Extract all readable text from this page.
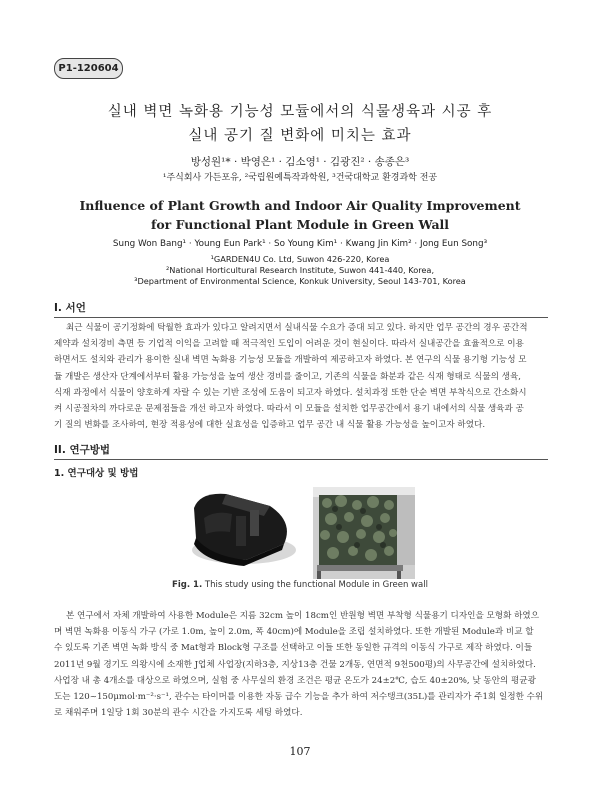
P1-120604
실내 벽면 녹화용 기능성 모듈에서의 식물생육과 시공 후
실내 공기 질 변화에 미치는 효과
방성원¹* · 박영은¹ · 김소영¹ · 김광진² · 송종은³
¹주식회사 가든포유, ²국립원예특작과학원, ³건국대학교 환경과학 전공
Influence of Plant Growth and Indoor Air Quality Improvement
for Functional Plant Module in Green Wall
Sung Won Bang¹ · Young Eun Park¹ · So Young Kim¹ · Kwang Jin Kim² · Jong Eun Song³
¹GARDEN4U Co. Ltd, Suwon 426-220, Korea
²National Horticultural Research Institute, Suwon 441-440, Korea,
³Department of Environmental Science, Konkuk University, Seoul 143-701, Korea
I. 서언
최근 식물이 공기정화에 탁월한 효과가 있다고 알려지면서 실내식물 수요가 증대 되고 있다. 하지만 업무 공간의 경우 공간적
제약과 설치경비 측면 등 기업적 이익을 고려할 때 적극적인 도입이 어려운 것이 현실이다. 따라서 실내공간을 효율적으로 이용
하면서도 설치와 관리가 용이한 실내 벽면 녹화용 기능성 모듈을 개발하여 제공하고자 하였다. 본 연구의 식물 용기형 기능성 모
듈 개발은 생산자 단계에서부터 활용 가능성을 높여 생산 경비를 줄이고, 기존의 식물을 화분과 같은 식재 형태로 식물의 생육,
식재 과정에서 식물이 양호하게 자랄 수 있는 기반 조성에 도움이 되고자 하였다. 설치과정 또한 단순 벽면 부착식으로 간소화시
켜 시공절차의 까다로운 문제점들을 개선 하고자 하였다. 따라서 이 모듈을 설치한 업무공간에서 용기 내에서의 식물 생육과 공
기 질의 변화를 조사하여, 현장 적용성에 대한 실효성을 입증하고 업무 공간 내 식물 활용 가능성을 높이고자 하였다.
II. 연구방법
1. 연구대상 및 방법
Fig. 1. This study using the functional Module in Green wall
본 연구에서 자체 개발하여 사용한 Module은 지름 32cm 높이 18cm인 반원형 벽면 부착형 식물용기 디자인을 모형화 하였으
며 벽면 녹화용 이동식 가구 (가로 1.0m, 높이 2.0m, 폭 40cm)에 Module을 조립 설치하였다. 또한 개발된 Module과 비교 할
수 있도록 기존 벽면 녹화 방식 중 Mat형과 Block형 구조를 선택하고 이들 또한 동일한 규격의 이동식 가구로 제작 하였다. 이들
2011년 9월 경기도 의왕시에 소재한 J업체 사업장(지하3층, 지상13층 건물 2개동, 연면적 9천500평)의 사무공간에 설치하였다.
사업장 내 총 4개소를 대상으로 하였으며, 실험 중 사무실의 환경 조건은 평균 온도가 24±2℃, 습도 40±20%, 낮 동안의 평균광
도는 120~150μmol·m⁻²·s⁻¹, 관수는 타이머를 이용한 자동 급수 기능을 추가 하여 저수탱크(35L)를 관리자가 주1회 일정한 수위
로 채워주며 1일당 1회 30분의 관수 시간을 가지도록 세팅 하였다.
107
